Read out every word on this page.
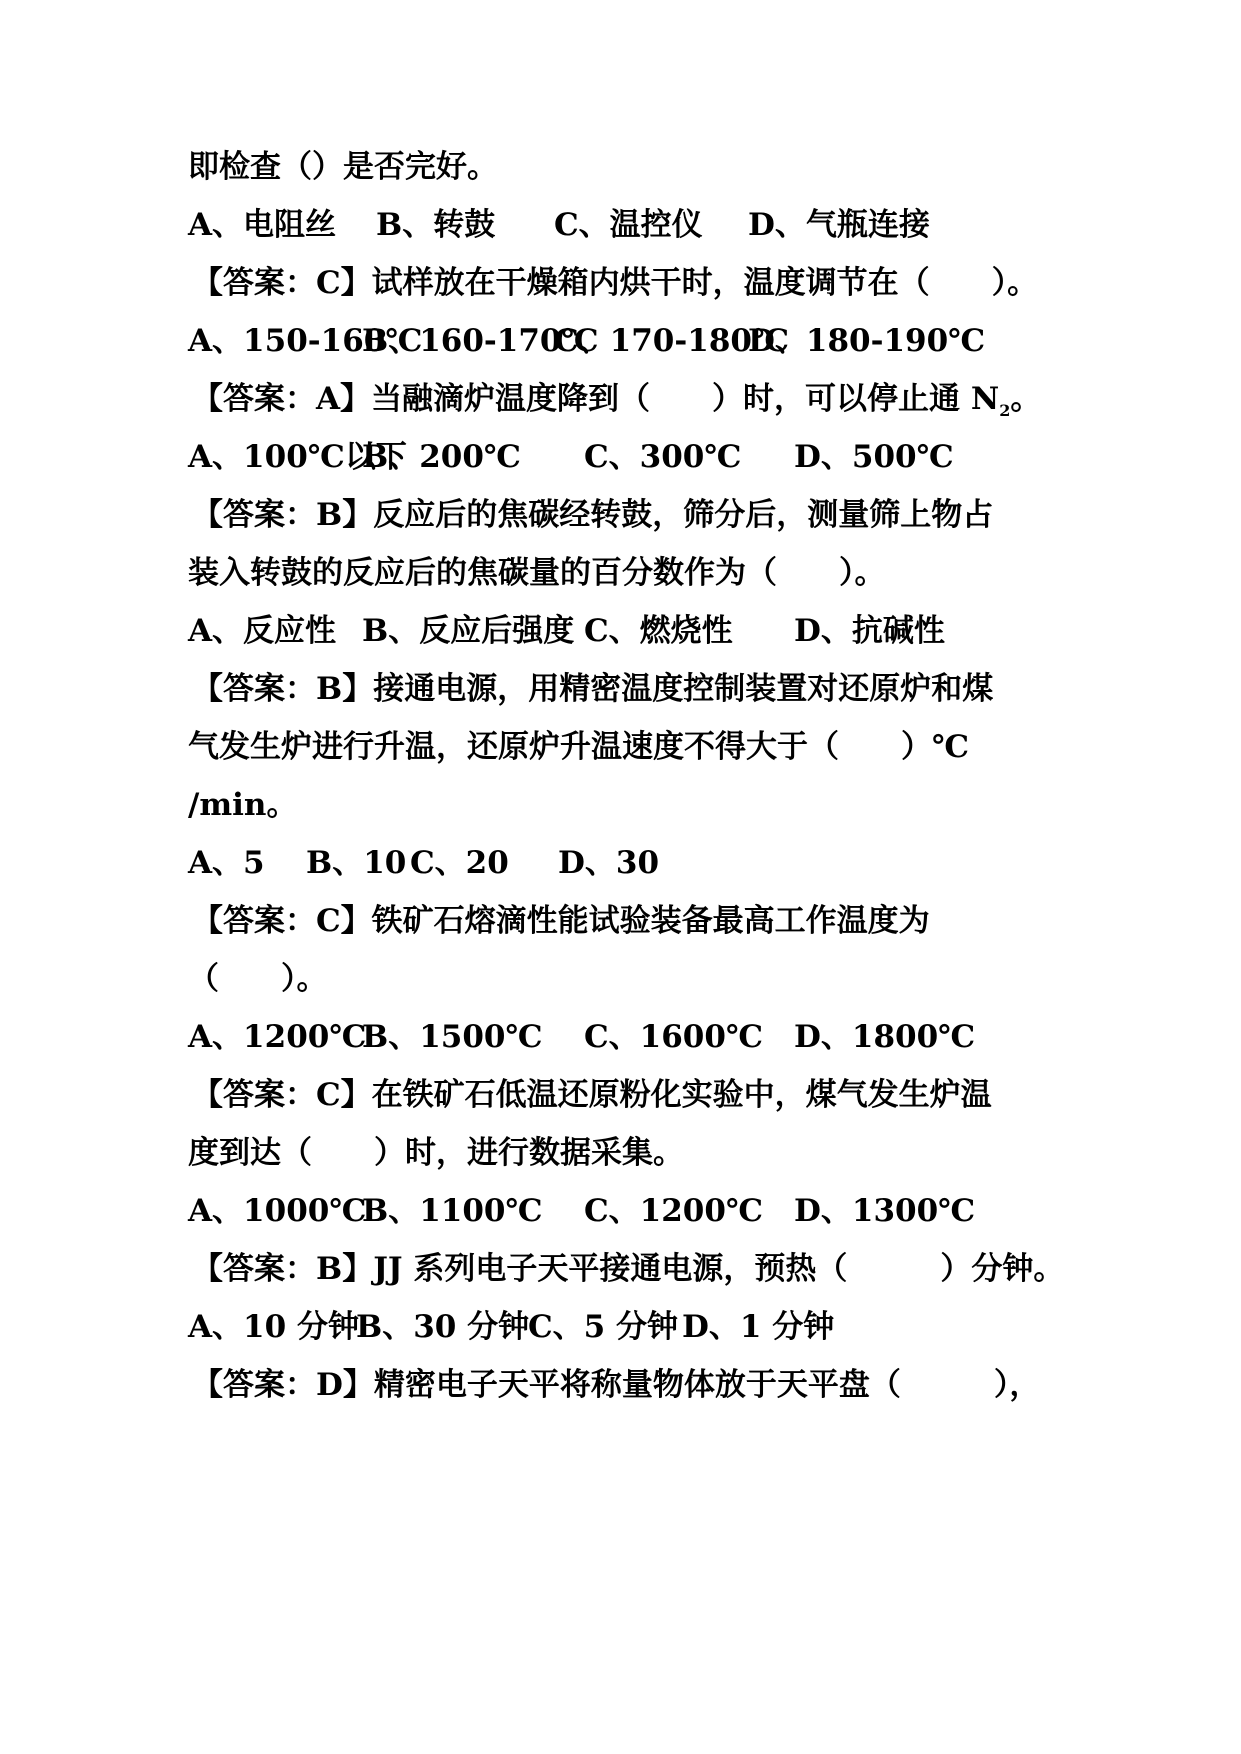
即检查（）是否完好。
A、电阻丝 B、转鼓 C、温控仪 D、气瓶连接
【答案：C】试样放在干燥箱内烘干时，温度调节在（　　）。
A、150-160℃
B、160-170℃
C、170-180℃
D、180-190℃
【答案：A】当融滴炉温度降到（　　）时，可以停止通 $N_2$。
A、100℃以下
B、200℃ C、300℃ D、500℃
【答案：B】反应后的焦碳经转鼓，筛分后，测量筛上物占
装入转鼓的反应后的焦碳量的百分数作为（　　）。
A、反应性 B、反应后强度 C、燃烧性 D、抗碱性
【答案：B】接通电源，用精密温度控制装置对还原炉和煤
气发生炉进行升温，还原炉升温速度不得大于（　　）℃
/min。
A、5 B、10 C、20 D、30
【答案：C】铁矿石熔滴性能试验装备最高工作温度为
（　　）。
A、1200℃
B、1500℃ C、1600℃ D、1800℃
【答案：C】在铁矿石低温还原粉化实验中，煤气发生炉温
度到达（　　）时，进行数据采集。
A、1000℃
B、1100℃ C、1200℃ D、1300℃
【答案：B】JJ 系列电子天平接通电源，预热（　　　）分钟。
A、10 分钟
B、30 分钟
C、5 分钟 D、1 分钟
【答案：D】精密电子天平将称量物体放于天平盘（　　　），
